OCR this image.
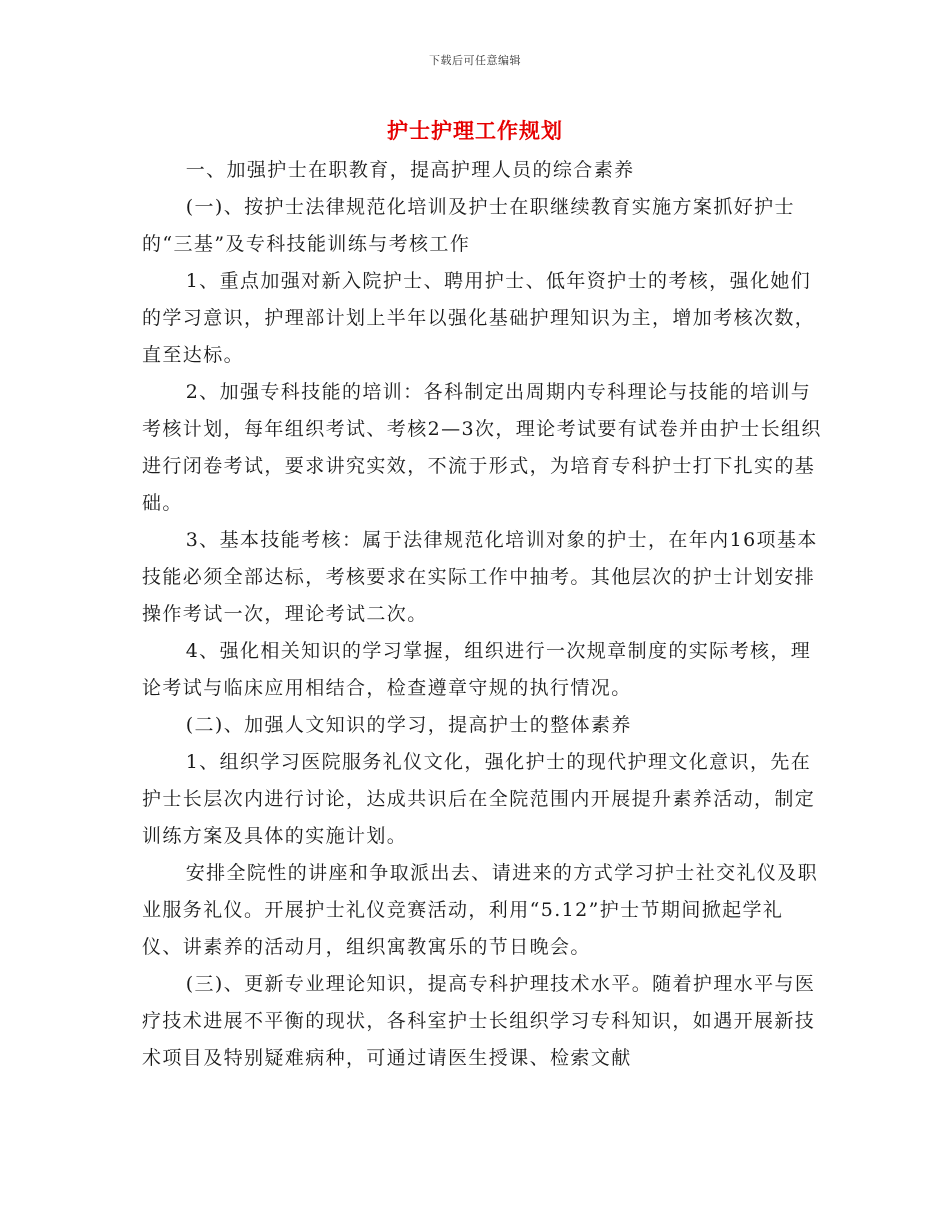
下载后可任意编辑
护士护理工作规划

一、加强护士在职教育，提高护理人员的综合素养

(一)、按护士法律规范化培训及护士在职继续教育实施方案抓好护士的“三基”及专科技能训练与考核工作

1、重点加强对新入院护士、聘用护士、低年资护士的考核，强化她们的学习意识，护理部计划上半年以强化基础护理知识为主，增加考核次数，直至达标。

2、加强专科技能的培训：各科制定出周期内专科理论与技能的培训与考核计划，每年组织考试、考核2—3次，理论考试要有试卷并由护士长组织进行闭卷考试，要求讲究实效，不流于形式，为培育专科护士打下扎实的基础。

3、基本技能考核：属于法律规范化培训对象的护士，在年内16项基本技能必须全部达标，考核要求在实际工作中抽考。其他层次的护士计划安排操作考试一次，理论考试二次。

4、强化相关知识的学习掌握，组织进行一次规章制度的实际考核，理论考试与临床应用相结合，检查遵章守规的执行情况。

(二)、加强人文知识的学习，提高护士的整体素养

1、组织学习医院服务礼仪文化，强化护士的现代护理文化意识，先在护士长层次内进行讨论，达成共识后在全院范围内开展提升素养活动，制定训练方案及具体的实施计划。

安排全院性的讲座和争取派出去、请进来的方式学习护士社交礼仪及职业服务礼仪。开展护士礼仪竞赛活动，利用“5.12”护士节期间掀起学礼仪、讲素养的活动月，组织寓教寓乐的节日晚会。

(三)、更新专业理论知识，提高专科护理技术水平。随着护理水平与医疗技术进展不平衡的现状，各科室护士长组织学习专科知识，如遇开展新技术项目及特别疑难病种，可通过请医生授课、检索文献
